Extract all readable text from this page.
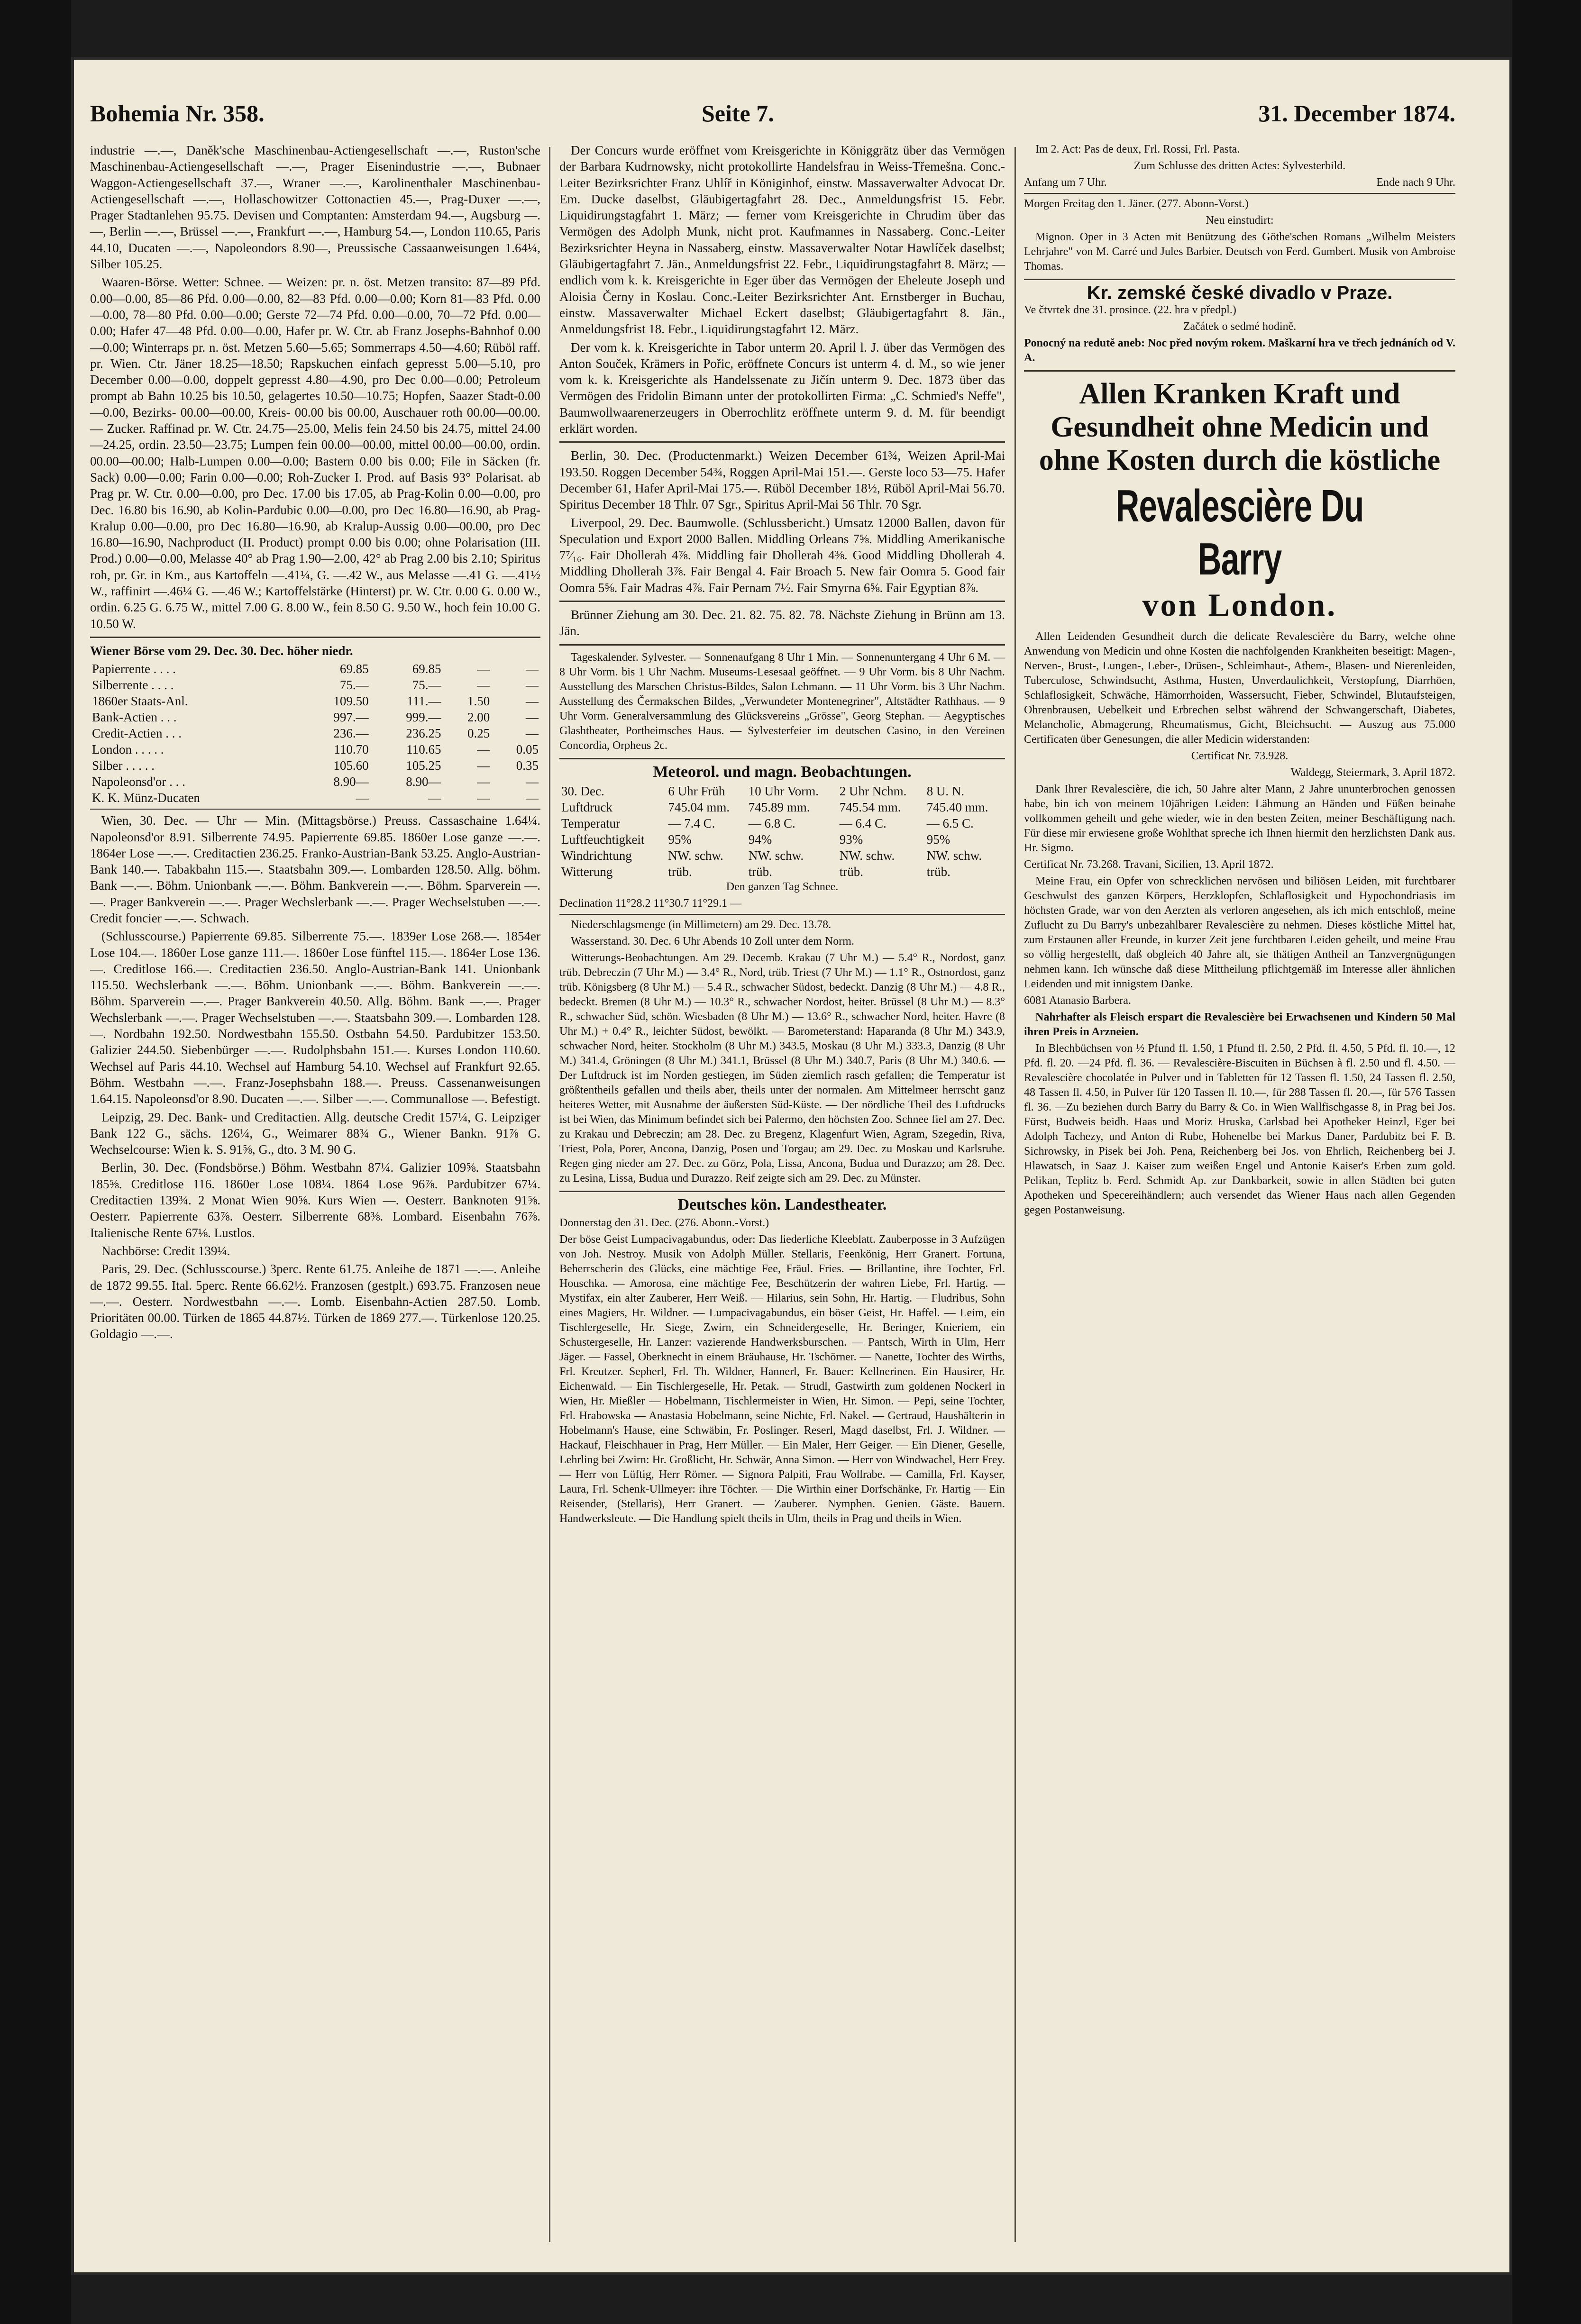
Bohemia Nr. 358.	Seite 7.	31. December 1874.

industrie —.—, Daněk'sche Maschinenbau-Actiengesellschaft —.—, Ruston'sche Maschinenbau-Actiengesellschaft —.—, Prager Eisenindustrie —.—, Bubnaer Waggon-Actiengesellschaft 37.—, Wraner —.—, Karolinenthaler Maschinenbau-Actiengesellschaft —.—, Hollaschowitzer Cottonactien 45.—, Prag-Duxer —.—, Prager Stadtanlehen 95.75. Devisen und Comptanten: Amsterdam 94.—, Augsburg —.—, Berlin —.—, Brüssel —.—, Frankfurt —.—, Hamburg 54.—, London 110.65, Paris 44.10, Ducaten —.—, Napoleondors 8.90—, Preussische Cassaanweisungen 1.64¼, Silber 105.25.

Waaren-Börse. Wetter: Schnee. — Weizen: pr. n. öst. Metzen transito: 87—89 Pfd. 0.00—0.00, 85—86 Pfd. 0.00—0.00, 82—83 Pfd. 0.00—0.00; Korn 81—83 Pfd. 0.00—0.00, 78—80 Pfd. 0.00—0.00; Gerste 72—74 Pfd. 0.00—0.00, 70—72 Pfd. 0.00—0.00; Hafer 47—48 Pfd. 0.00—0.00, Hafer pr. W. Ctr. ab Franz Josephs-Bahnhof 0.00—0.00; Winterraps pr. n. öst. Metzen 5.60—5.65; Sommerraps 4.50—4.60; Rüböl raff. pr. Wien. Ctr. Jäner 18.25—18.50; Rapskuchen einfach gepresst 5.00—5.10, pro December 0.00—0.00, doppelt gepresst 4.80—4.90, pro Dec 0.00—0.00; Petroleum prompt ab Bahn 10.25 bis 10.50, gelagertes 10.50—10.75; Hopfen, Saazer Stadt-0.00—0.00, Bezirks- 00.00—00.00, Kreis- 00.00 bis 00.00, Auschauer roth 00.00—00.00. — Zucker. Raffinad pr. W. Ctr. 24.75—25.00, Melis fein 24.50 bis 24.75, mittel 24.00—24.25, ordin. 23.50—23.75; Lumpen fein 00.00—00.00, mittel 00.00—00.00, ordin. 00.00—00.00; Halb-Lumpen 0.00—0.00; Bastern 0.00 bis 0.00; File in Säcken (fr. Sack) 0.00—0.00; Farin 0.00—0.00; Roh-Zucker I. Prod. auf Basis 93° Polarisat. ab Prag pr. W. Ctr. 0.00—0.00, pro Dec. 17.00 bis 17.05, ab Prag-Kolin 0.00—0.00, pro Dec. 16.80 bis 16.90, ab Kolin-Pardubic 0.00—0.00, pro Dec 16.80—16.90, ab Prag-Kralup 0.00—0.00, pro Dec 16.80—16.90, ab Kralup-Aussig 0.00—00.00, pro Dec 16.80—16.90, Nachproduct (II. Product) prompt 0.00 bis 0.00; ohne Polarisation (III. Prod.) 0.00—0.00, Melasse 40° ab Prag 1.90—2.00, 42° ab Prag 2.00 bis 2.10; Spiritus roh, pr. Gr. in Km., aus Kartoffeln —.41¼, G. —.42 W., aus Melasse —.41 G. —.41½ W., raffinirt —.46¼ G. —.46 W.; Kartoffelstärke (Hinterst) pr. W. Ctr. 0.00 G. 0.00 W., ordin. 6.25 G. 6.75 W., mittel 7.00 G. 8.00 W., fein 8.50 G. 9.50 W., hoch fein 10.00 G. 10.50 W.

Wiener Börse vom 29. Dec. 30. Dec. höher niedr.

Papierrente . . . .	69.85	69.85	—	—
Silberrente . . . .	75.—	75.—	—	—
1860er Staats-Anl.	109.50	111.—	1.50	—
Bank-Actien . . .	997.—	999.—	2.00	—
Credit-Actien . . .	236.—	236.25	0.25	—
London . . . . .	110.70	110.65	—	0.05
Silber . . . . .	105.60	105.25	—	0.35
Napoleonsd'or . . .	8.90—	8.90—	—	—
K. K. Münz-Ducaten	—	—	—	—

Wien, 30. Dec. — Uhr — Min. (Mittagsbörse.) Preuss. Cassaschaine 1.64¼. Napoleonsd'or 8.91. Silberrente 74.95. Papierrente 69.85. 1860er Lose ganze —.—. 1864er Lose —.—. Creditactien 236.25. Franko-Austrian-Bank 53.25. Anglo-Austrian-Bank 140.—. Tabakbahn 115.—. Staatsbahn 309.—. Lombarden 128.50. Allg. böhm. Bank —.—. Böhm. Unionbank —.—. Böhm. Bankverein —.—. Böhm. Sparverein —.—. Prager Bankverein —.—. Prager Wechslerbank —.—. Prager Wechselstuben —.—. Credit foncier —.—. Schwach.

(Schlusscourse.) Papierrente 69.85. Silberrente 75.—. 1839er Lose 268.—. 1854er Lose 104.—. 1860er Lose ganze 111.—. 1860er Lose fünftel 115.—. 1864er Lose 136.—. Creditlose 166.—. Creditactien 236.50. Anglo-Austrian-Bank 141. Unionbank 115.50. Wechslerbank —.—. Böhm. Unionbank —.—. Böhm. Bankverein —.—. Böhm. Sparverein —.—. Prager Bankverein 40.50. Allg. Böhm. Bank —.—. Prager Wechslerbank —.—. Prager Wechselstuben —.—. Staatsbahn 309.—. Lombarden 128.—. Nordbahn 192.50. Nordwestbahn 155.50. Ostbahn 54.50. Pardubitzer 153.50. Galizier 244.50. Siebenbürger —.—. Rudolphsbahn 151.—. Kurses London 110.60. Wechsel auf Paris 44.10. Wechsel auf Hamburg 54.10. Wechsel auf Frankfurt 92.65. Böhm. Westbahn —.—. Franz-Josephsbahn 188.—. Preuss. Cassenanweisungen 1.64.15. Napoleonsd'or 8.90. Ducaten —.—. Silber —.—. Communallose —. Befestigt.

Leipzig, 29. Dec. Bank- und Creditactien. Allg. deutsche Credit 157¼, G. Leipziger Bank 122 G., sächs. 126¼, G., Weimarer 88¾ G., Wiener Bankn. 91⅞ G. Wechselcourse: Wien k. S. 91⅝, G., dto. 3 M. 90 G.

Berlin, 30. Dec. (Fondsbörse.) Böhm. Westbahn 87¼. Galizier 109⅝. Staatsbahn 185⅝. Creditlose 116. 1860er Lose 108¼. 1864 Lose 96⅞. Pardubitzer 67¼. Creditactien 139¾. 2 Monat Wien 90⅝. Kurs Wien —. Oesterr. Banknoten 91⅝. Oesterr. Papierrente 63⅞. Oesterr. Silberrente 68⅜. Lombard. Eisenbahn 76⅞. Italienische Rente 67⅛. Lustlos.

Nachbörse: Credit 139¼.

Paris, 29. Dec. (Schlusscourse.) 3perc. Rente 61.75. Anleihe de 1871 —.—. Anleihe de 1872 99.55. Ital. 5perc. Rente 66.62½. Franzosen (gestplt.) 693.75. Franzosen neue —.—. Oesterr. Nordwestbahn —.—. Lomb. Eisenbahn-Actien 287.50. Lomb. Prioritäten 00.00. Türken de 1865 44.87½. Türken de 1869 277.—. Türkenlose 120.25. Goldagio —.—.

Der Concurs wurde eröffnet vom Kreisgerichte in Königgrätz über das Vermögen der Barbara Kudrnowsky, nicht protokollirte Handelsfrau in Weiss-Třemešna. Conc.-Leiter Bezirksrichter Franz Uhlíř in Königinhof, einstw. Massaverwalter Advocat Dr. Em. Ducke daselbst, Gläubigertagfahrt 28. Dec., Anmeldungsfrist 15. Febr. Liquidirungstagfahrt 1. März; — ferner vom Kreisgerichte in Chrudim über das Vermögen des Adolph Munk, nicht prot. Kaufmannes in Nassaberg. Conc.-Leiter Bezirksrichter Heyna in Nassaberg, einstw. Massaverwalter Notar Hawlíček daselbst; Gläubigertagfahrt 7. Jän., Anmeldungsfrist 22. Febr., Liquidirungstagfahrt 8. März; — endlich vom k. k. Kreisgerichte in Eger über das Vermögen der Eheleute Joseph und Aloisia Černy in Koslau. Conc.-Leiter Bezirksrichter Ant. Ernstberger in Buchau, einstw. Massaverwalter Michael Eckert daselbst; Gläubigertagfahrt 8. Jän., Anmeldungsfrist 18. Febr., Liquidirungstagfahrt 12. März.

Der vom k. k. Kreisgerichte in Tabor unterm 20. April l. J. über das Vermögen des Anton Souček, Krämers in Pořic, eröffnete Concurs ist unterm 4. d. M., so wie jener vom k. k. Kreisgerichte als Handelssenate zu Jičín unterm 9. Dec. 1873 über das Vermögen des Fridolin Bimann unter der protokollirten Firma: „C. Schmied's Neffe", Baumwollwaarenerzeugers in Oberrochlitz eröffnete unterm 9. d. M. für beendigt erklärt worden.

Berlin, 30. Dec. (Productenmarkt.) Weizen December 61¾, Weizen April-Mai 193.50. Roggen December 54¾, Roggen April-Mai 151.—. Gerste loco 53—75. Hafer December 61, Hafer April-Mai 175.—. Rüböl December 18½, Rüböl April-Mai 56.70. Spiritus December 18 Thlr. 07 Sgr., Spiritus April-Mai 56 Thlr. 70 Sgr.

Liverpool, 29. Dec. Baumwolle. (Schlussbericht.) Umsatz 12000 Ballen, davon für Speculation und Export 2000 Ballen. Middling Orleans 7⅝. Middling Amerikanische 7⁷⁄₁₆. Fair Dhollerah 4⅞. Middling fair Dhollerah 4⅜. Good Middling Dhollerah 4. Middling Dhollerah 3⅞. Fair Bengal 4. Fair Broach 5. New fair Oomra 5. Good fair Oomra 5⅝. Fair Madras 4⅞. Fair Pernam 7½. Fair Smyrna 6⅝. Fair Egyptian 8⅞.

Brünner Ziehung am 30. Dec. 21. 82. 75. 82. 78. Nächste Ziehung in Brünn am 13. Jän.

Tageskalender. Sylvester. — Sonnenaufgang 8 Uhr 1 Min. — Sonnenuntergang 4 Uhr 6 M. — 8 Uhr Vorm. bis 1 Uhr Nachm. Museums-Lesesaal geöffnet. — 9 Uhr Vorm. bis 8 Uhr Nachm. Ausstellung des Marschen Christus-Bildes, Salon Lehmann. — 11 Uhr Vorm. bis 3 Uhr Nachm. Ausstellung des Čermakschen Bildes, „Verwundeter Montenegriner", Altstädter Rathhaus. — 9 Uhr Vorm. Generalversammlung des Glücksvereins „Grösse", Georg Stephan. — Aegyptisches Glashtheater, Portheimsches Haus. — Sylvesterfeier im deutschen Casino, in den Vereinen Concordia, Orpheus 2c.

Meteorol. und magn. Beobachtungen.
30. Dec.	6 Uhr Früh	10 Uhr Vorm.	2 Uhr Nchm.	8 U. N.
Luftdruck	745.04 mm.	745.89 mm.	745.54 mm.	745.40 mm.
Temperatur	— 7.4 C.	— 6.8 C.	— 6.4 C.	— 6.5 C.
Luftfeuchtigkeit	95%	94%	93%	95%
Windrichtung	NW. schw.	NW. schw.	NW. schw.	NW. schw.
Witterung	trüb.	trüb.	trüb.	trüb.

Den ganzen Tag Schnee.

Declination 11°28.2 11°30.7 11°29.1 —

Niederschlagsmenge (in Millimetern) am 29. Dec. 13.78.

Wasserstand. 30. Dec. 6 Uhr Abends 10 Zoll unter dem Norm.

Witterungs-Beobachtungen. Am 29. Decemb. Krakau (7 Uhr M.) — 5.4° R., Nordost, ganz trüb. Debreczin (7 Uhr M.) — 3.4° R., Nord, trüb. Triest (7 Uhr M.) — 1.1° R., Ostnordost, ganz trüb. Königsberg (8 Uhr M.) — 5.4 R., schwacher Südost, bedeckt. Danzig (8 Uhr M.) — 4.8 R., bedeckt. Bremen (8 Uhr M.) — 10.3° R., schwacher Nordost, heiter. Brüssel (8 Uhr M.) — 8.3° R., schwacher Süd, schön. Wiesbaden (8 Uhr M.) — 13.6° R., schwacher Nord, heiter. Havre (8 Uhr M.) + 0.4° R., leichter Südost, bewölkt. — Barometerstand: Haparanda (8 Uhr M.) 343.9, schwacher Nord, heiter. Stockholm (8 Uhr M.) 343.5, Moskau (8 Uhr M.) 333.3, Danzig (8 Uhr M.) 341.4, Gröningen (8 Uhr M.) 341.1, Brüssel (8 Uhr M.) 340.7, Paris (8 Uhr M.) 340.6. — Der Luftdruck ist im Norden gestiegen, im Süden ziemlich rasch gefallen; die Temperatur ist größtentheils gefallen und theils aber, theils unter der normalen. Am Mittelmeer herrscht ganz heiteres Wetter, mit Ausnahme der äußersten Süd-Küste. — Der nördliche Theil des Luftdrucks ist bei Wien, das Minimum befindet sich bei Palermo, den höchsten Zoo. Schnee fiel am 27. Dec. zu Krakau und Debreczin; am 28. Dec. zu Bregenz, Klagenfurt Wien, Agram, Szegedin, Riva, Triest, Pola, Porer, Ancona, Danzig, Posen und Torgau; am 29. Dec. zu Moskau und Karlsruhe. Regen ging nieder am 27. Dec. zu Görz, Pola, Lissa, Ancona, Budua und Durazzo; am 28. Dec. zu Lesina, Lissa, Budua und Durazzo. Reif zeigte sich am 29. Dec. zu Münster.

Deutsches kön. Landestheater.

Donnerstag den 31. Dec. (276. Abonn.-Vorst.)

Der böse Geist Lumpacivagabundus, oder: Das liederliche Kleeblatt. Zauberposse in 3 Aufzügen von Joh. Nestroy. Musik von Adolph Müller. Stellaris, Feenkönig, Herr Granert. Fortuna, Beherrscherin des Glücks, eine mächtige Fee, Fräul. Fries. — Brillantine, ihre Tochter, Frl. Houschka. — Amorosa, eine mächtige Fee, Beschützerin der wahren Liebe, Frl. Hartig. — Mystifax, ein alter Zauberer, Herr Weiß. — Hilarius, sein Sohn, Hr. Hartig. — Fludribus, Sohn eines Magiers, Hr. Wildner. — Lumpacivagabundus, ein böser Geist, Hr. Haffel. — Leim, ein Tischlergeselle, Hr. Siege, Zwirn, ein Schneidergeselle, Hr. Beringer, Knieriem, ein Schustergeselle, Hr. Lanzer: vazierende Handwerksburschen. — Pantsch, Wirth in Ulm, Herr Jäger. — Fassel, Oberknecht in einem Bräuhause, Hr. Tschörner. — Nanette, Tochter des Wirths, Frl. Kreutzer. Sepherl, Frl. Th. Wildner, Hannerl, Fr. Bauer: Kellnerinen. Ein Hausirer, Hr. Eichenwald. — Ein Tischlergeselle, Hr. Petak. — Strudl, Gastwirth zum goldenen Nockerl in Wien, Hr. Mießler — Hobelmann, Tischlermeister in Wien, Hr. Simon. — Pepi, seine Tochter, Frl. Hrabowska — Anastasia Hobelmann, seine Nichte, Frl. Nakel. — Gertraud, Haushälterin in Hobelmann's Hause, eine Schwäbin, Fr. Poslinger. Reserl, Magd daselbst, Frl. J. Wildner. — Hackauf, Fleischhauer in Prag, Herr Müller. — Ein Maler, Herr Geiger. — Ein Diener, Geselle, Lehrling bei Zwirn: Hr. Großlicht, Hr. Schwär, Anna Simon. — Herr von Windwachel, Herr Frey. — Herr von Lüftig, Herr Römer. — Signora Palpiti, Frau Wollrabe. — Camilla, Frl. Kayser, Laura, Frl. Schenk-Ullmeyer: ihre Töchter. — Die Wirthin einer Dorfschänke, Fr. Hartig — Ein Reisender, (Stellaris), Herr Granert. — Zauberer. Nymphen. Genien. Gäste. Bauern. Handwerksleute. — Die Handlung spielt theils in Ulm, theils in Prag und theils in Wien.

Im 2. Act: Pas de deux, Frl. Rossi, Frl. Pasta.

Zum Schlusse des dritten Actes: Sylvesterbild.

Anfang um 7 Uhr.	Ende nach 9 Uhr.

Morgen Freitag den 1. Jäner. (277. Abonn-Vorst.)

Neu einstudirt:

Mignon. Oper in 3 Acten mit Benützung des Göthe'schen Romans „Wilhelm Meisters Lehrjahre" von M. Carré und Jules Barbier. Deutsch von Ferd. Gumbert. Musik von Ambroise Thomas.

Kr. zemské české divadlo v Praze.

Ve čtvrtek dne 31. prosince. (22. hra v předpl.)

Začátek o sedmé hodině.

Ponocný na redutě aneb: Noc před novým rokem. Maškarní hra ve třech jednáních od V. A.

Allen Kranken Kraft und Gesundheit ohne Medicin und ohne Kosten durch die köstliche
Revalescière Du Barry
von London.

Allen Leidenden Gesundheit durch die delicate Revalescière du Barry, welche ohne Anwendung von Medicin und ohne Kosten die nachfolgenden Krankheiten beseitigt: Magen-, Nerven-, Brust-, Lungen-, Leber-, Drüsen-, Schleimhaut-, Athem-, Blasen- und Nierenleiden, Tuberculose, Schwindsucht, Asthma, Husten, Unverdaulichkeit, Verstopfung, Diarrhöen, Schlaflosigkeit, Schwäche, Hämorrhoiden, Wassersucht, Fieber, Schwindel, Blutaufsteigen, Ohrenbrausen, Uebelkeit und Erbrechen selbst während der Schwangerschaft, Diabetes, Melancholie, Abmagerung, Rheumatismus, Gicht, Bleichsucht. — Auszug aus 75.000 Certificaten über Genesungen, die aller Medicin widerstanden:

Certificat Nr. 73.928.

Waldegg, Steiermark, 3. April 1872.

Dank Ihrer Revalescière, die ich, 50 Jahre alter Mann, 2 Jahre ununterbrochen genossen habe, bin ich von meinem 10jährigen Leiden: Lähmung an Händen und Füßen beinahe vollkommen geheilt und gehe wieder, wie in den besten Zeiten, meiner Beschäftigung nach. Für diese mir erwiesene große Wohlthat spreche ich Ihnen hiermit den herzlichsten Dank aus. Hr. Sigmo.

Certificat Nr. 73.268. Travani, Sicilien, 13. April 1872.

Meine Frau, ein Opfer von schrecklichen nervösen und biliösen Leiden, mit furchtbarer Geschwulst des ganzen Körpers, Herzklopfen, Schlaflosigkeit und Hypochondriasis im höchsten Grade, war von den Aerzten als verloren angesehen, als ich mich entschloß, meine Zuflucht zu Du Barry's unbezahlbarer Revalescière zu nehmen. Dieses köstliche Mittel hat, zum Erstaunen aller Freunde, in kurzer Zeit jene furchtbaren Leiden geheilt, und meine Frau so völlig hergestellt, daß obgleich 40 Jahre alt, sie thätigen Antheil an Tanzvergnügungen nehmen kann. Ich wünsche daß diese Mittheilung pflichtgemäß im Interesse aller ähnlichen Leidenden und mit innigstem Danke.

6081 Atanasio Barbera.

Nahrhafter als Fleisch erspart die Revalescière bei Erwachsenen und Kindern 50 Mal ihren Preis in Arzneien.

In Blechbüchsen von ½ Pfund fl. 1.50, 1 Pfund fl. 2.50, 2 Pfd. fl. 4.50, 5 Pfd. fl. 10.—, 12 Pfd. fl. 20. —24 Pfd. fl. 36. — Revalescière-Biscuiten in Büchsen à fl. 2.50 und fl. 4.50. — Revalescière chocolatée in Pulver und in Tabletten für 12 Tassen fl. 1.50, 24 Tassen fl. 2.50, 48 Tassen fl. 4.50, in Pulver für 120 Tassen fl. 10.—, für 288 Tassen fl. 20.—, für 576 Tassen fl. 36. —Zu beziehen durch Barry du Barry & Co. in Wien Wallfischgasse 8, in Prag bei Jos. Fürst, Budweis beidh. Haas und Moriz Hruska, Carlsbad bei Apotheker Heinzl, Eger bei Adolph Tachezy, und Anton di Rube, Hohenelbe bei Markus Daner, Pardubitz bei F. B. Sichrowsky, in Pisek bei Joh. Pena, Reichenberg bei Jos. von Ehrlich, Reichenberg bei J. Hlawatsch, in Saaz J. Kaiser zum weißen Engel und Antonie Kaiser's Erben zum gold. Pelikan, Teplitz b. Ferd. Schmidt Ap. zur Dankbarkeit, sowie in allen Städten bei guten Apotheken und Specereihändlern; auch versendet das Wiener Haus nach allen Gegenden gegen Postanweisung.
